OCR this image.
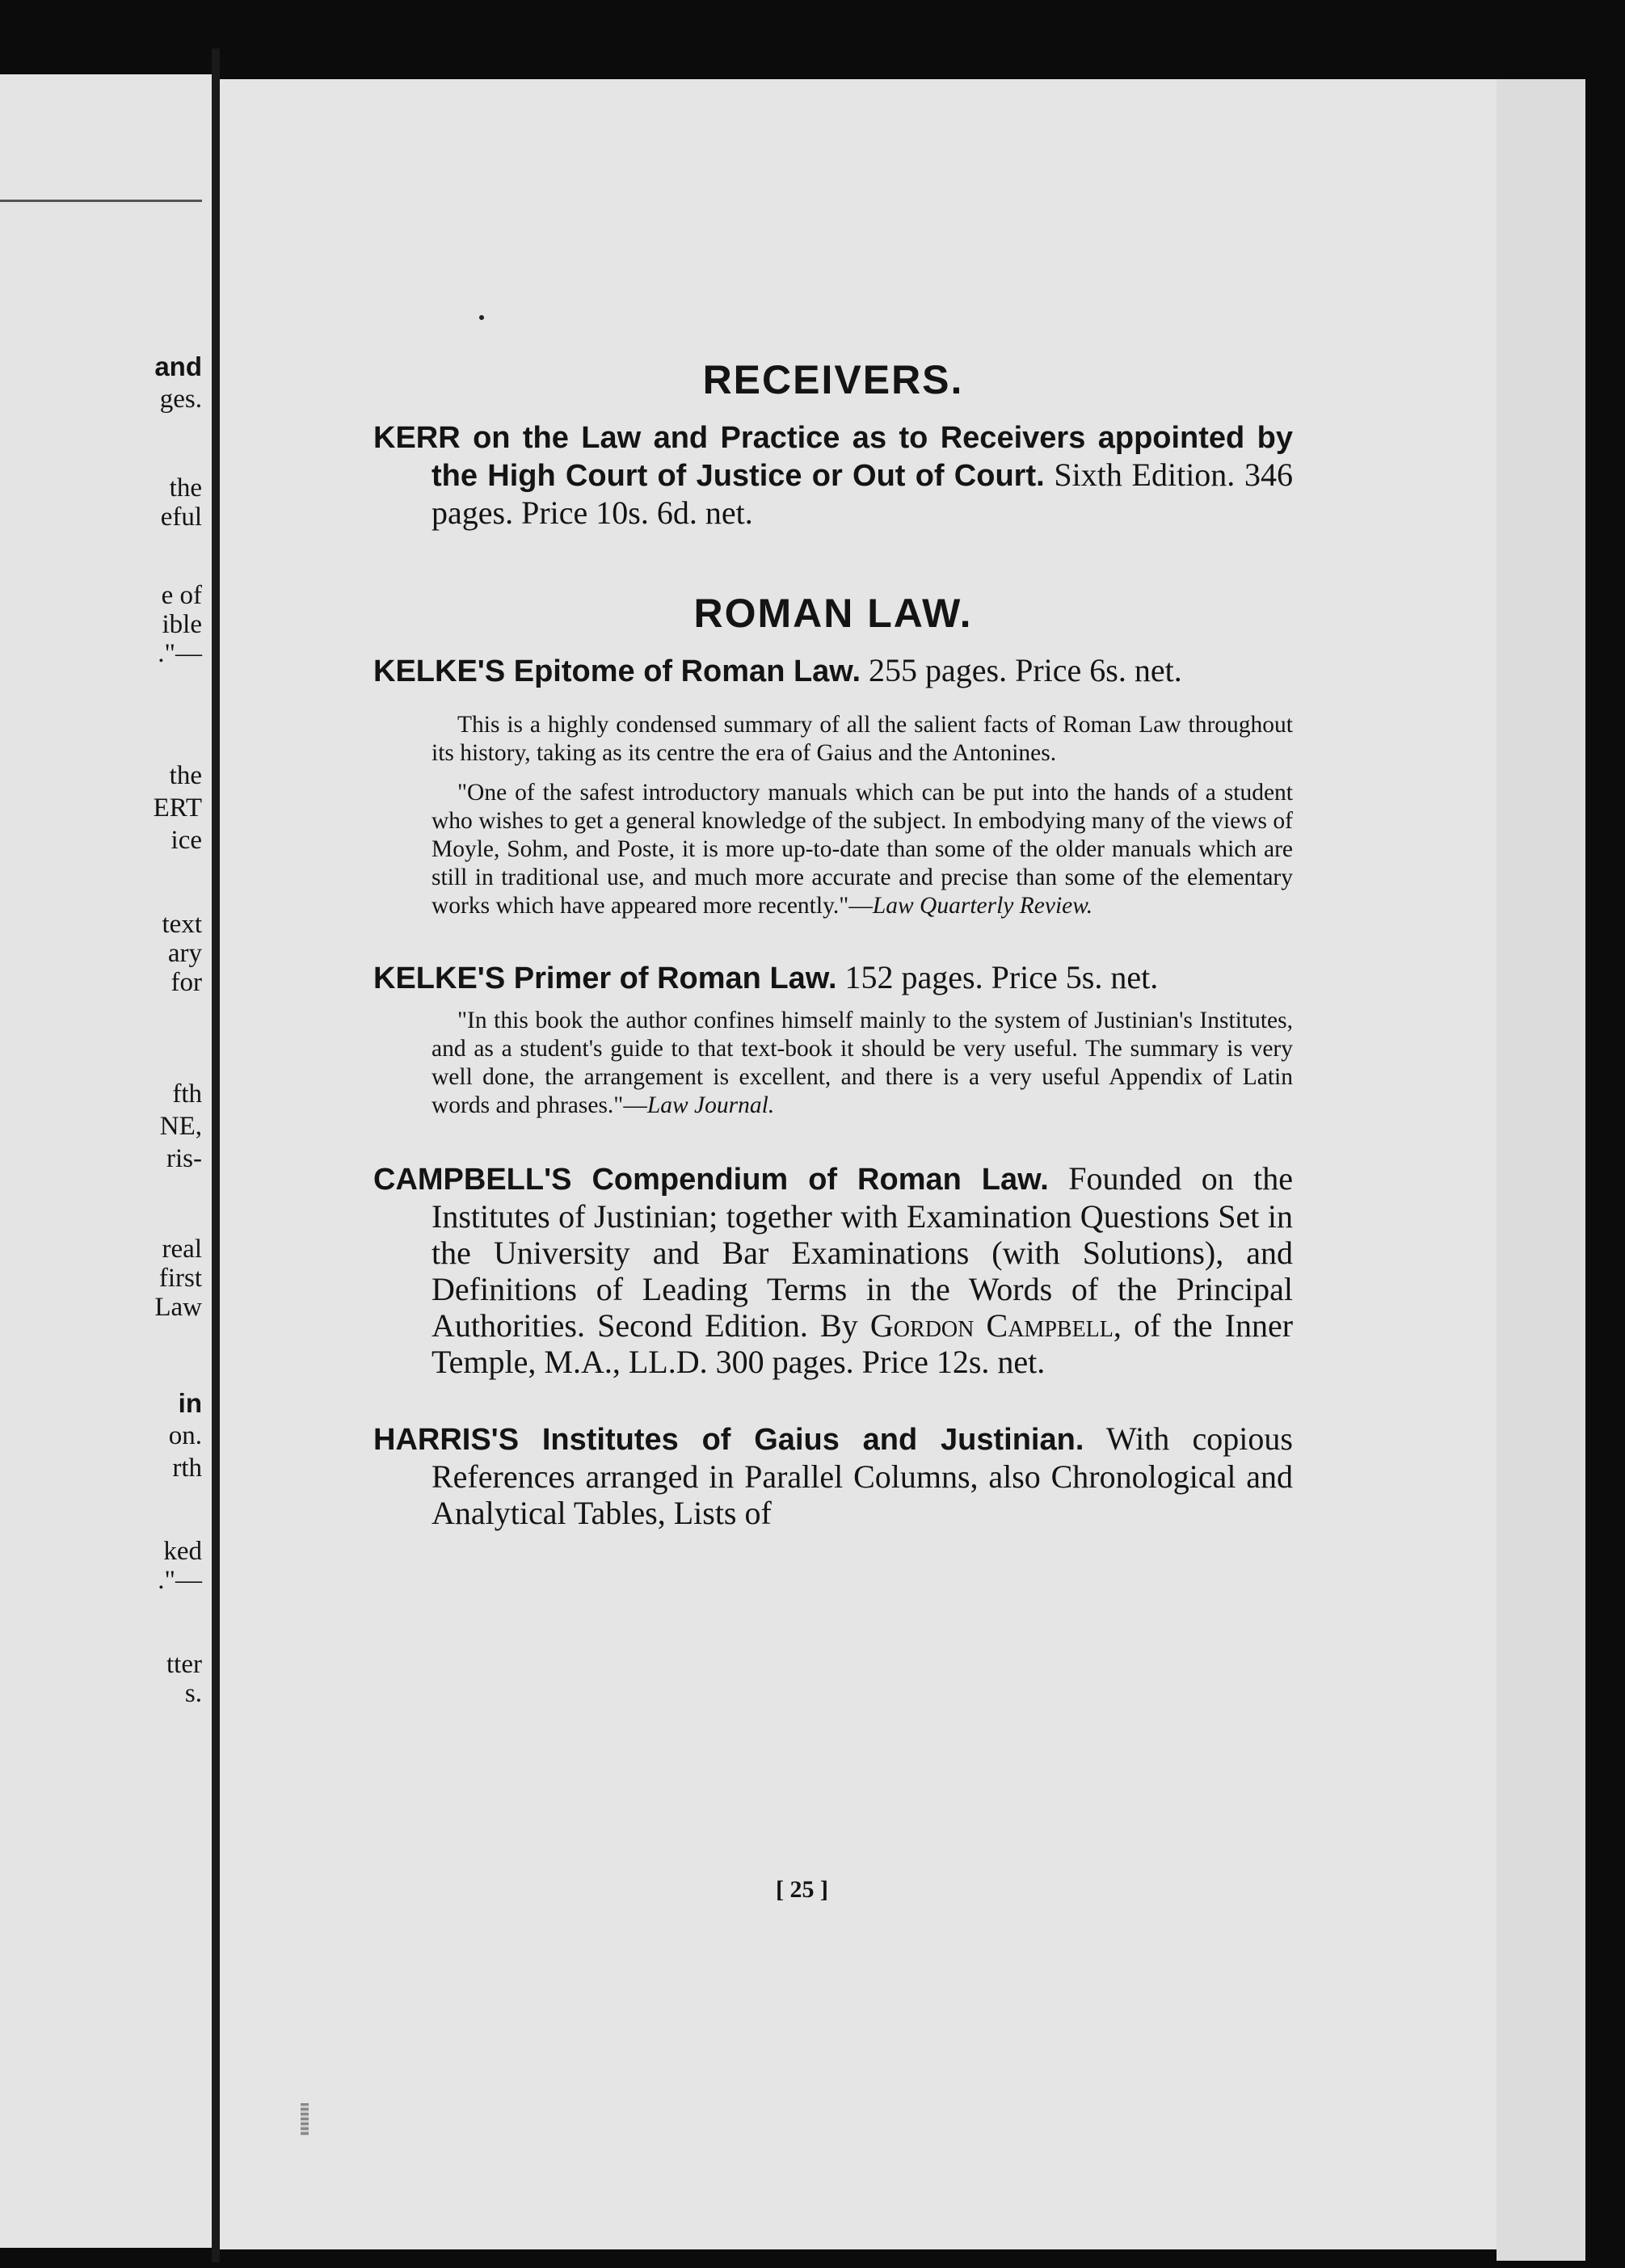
and
ges.
the
eful
e of
ible
."—
the
ERT
ice
text
ary
for
fth
NE,
ris-
real
first
Law
in
on.
rth
ked
."—
tter
s.
RECEIVERS.

KERR on the Law and Practice as to Receivers appointed by the High Court of Justice or Out of Court. Sixth Edition. 346 pages. Price 10s. 6d. net.

ROMAN LAW.

KELKE'S Epitome of Roman Law. 255 pages. Price 6s. net.

This is a highly condensed summary of all the salient facts of Roman Law throughout its history, taking as its centre the era of Gaius and the Antonines.

"One of the safest introductory manuals which can be put into the hands of a student who wishes to get a general knowledge of the subject. In embodying many of the views of Moyle, Sohm, and Poste, it is more up-to-date than some of the older manuals which are still in traditional use, and much more accurate and precise than some of the elementary works which have appeared more recently."—Law Quarterly Review.

KELKE'S Primer of Roman Law. 152 pages. Price 5s. net.

"In this book the author confines himself mainly to the system of Justinian's Institutes, and as a student's guide to that text-book it should be very useful. The summary is very well done, the arrangement is excellent, and there is a very useful Appendix of Latin words and phrases."—Law Journal.

CAMPBELL'S Compendium of Roman Law. Founded on the Institutes of Justinian; together with Examination Questions Set in the University and Bar Examinations (with Solutions), and Definitions of Leading Terms in the Words of the Principal Authorities. Second Edition. By Gordon Campbell, of the Inner Temple, M.A., LL.D. 300 pages. Price 12s. net.

HARRIS'S Institutes of Gaius and Justinian. With copious References arranged in Parallel Columns, also Chronological and Analytical Tables, Lists of

[ 25 ]
